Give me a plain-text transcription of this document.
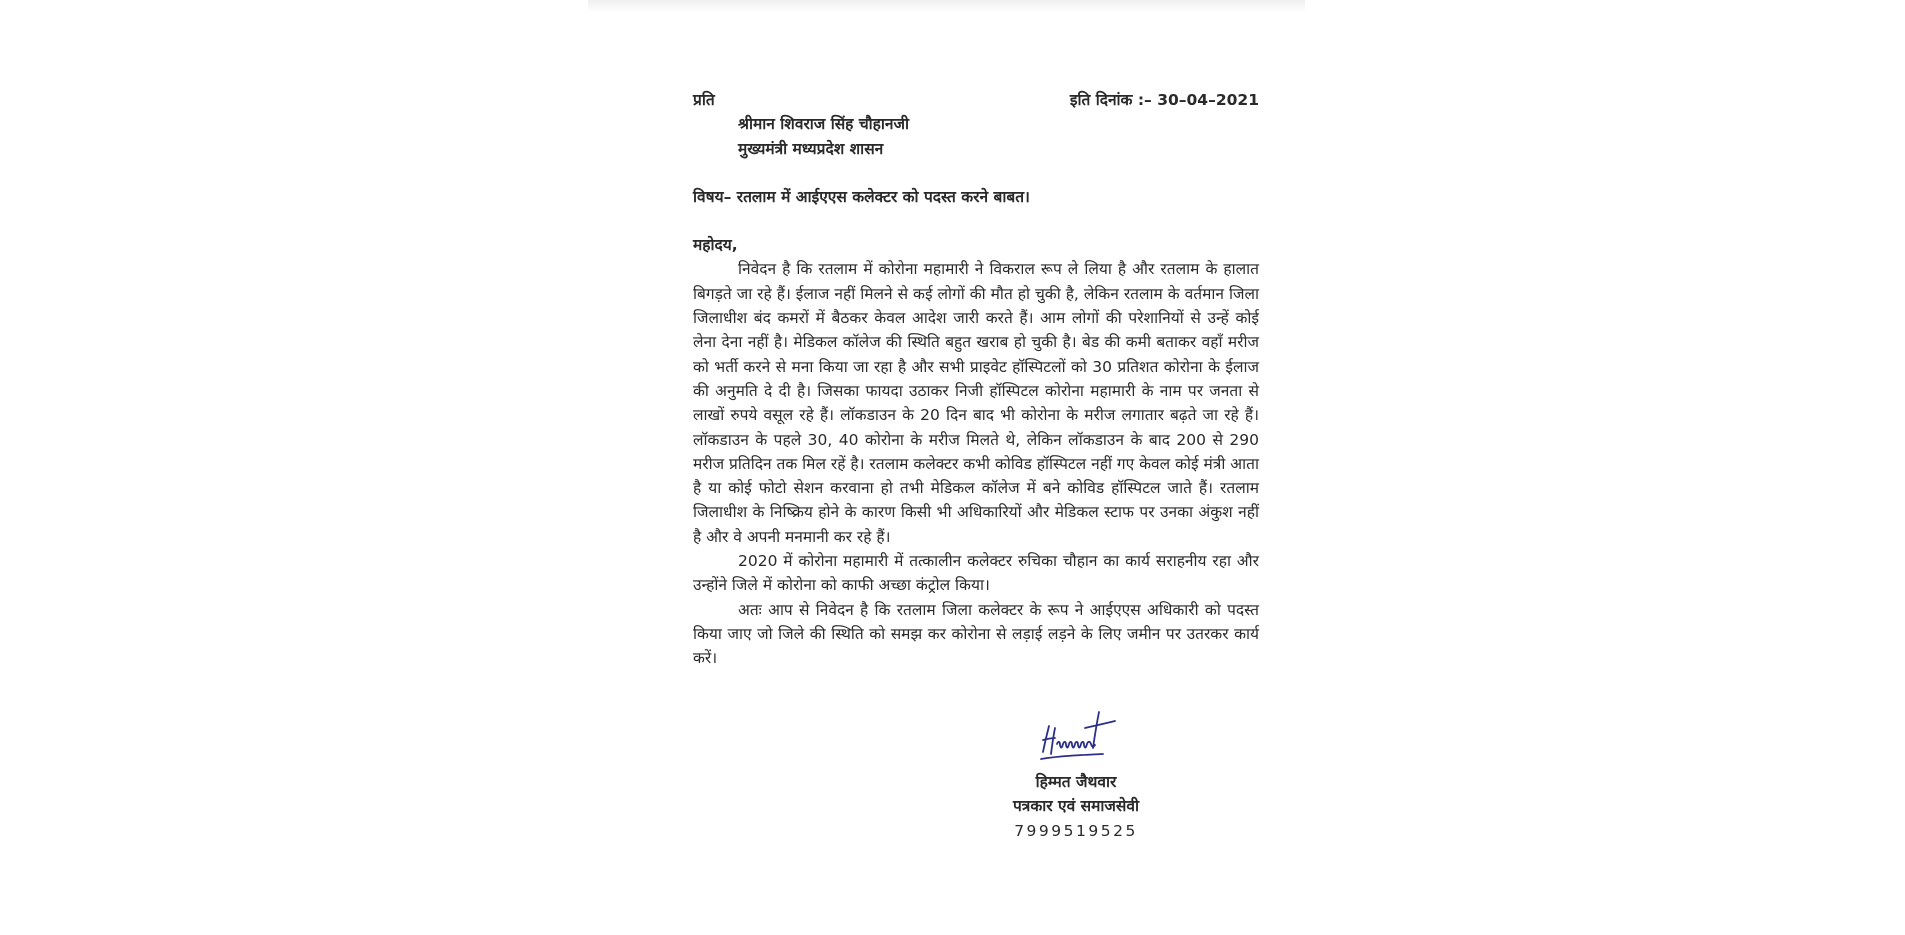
प्रति	इति दिनांक :– 30–04–2021
श्रीमान शिवराज सिंह चौहानजी
मुख्यमंत्री मध्यप्रदेश शासन
विषय– रतलाम में आईएएस कलेक्टर को पदस्त करने बाबत।
महोदय,

निवेदन है कि रतलाम में कोरोना महामारी ने विकराल रूप ले लिया है और रतलाम के हालात बिगड़ते जा रहे हैं। ईलाज नहीं मिलने से कई लोगों की मौत हो चुकी है, लेकिन रतलाम के वर्तमान जिला जिलाधीश बंद कमरों में बैठकर केवल आदेश जारी करते हैं। आम लोगों की परेशानियों से उन्हें कोई लेना देना नहीं है। मेडिकल कॉलेज की स्थिति बहुत खराब हो चुकी है। बेड की कमी बताकर वहाँ मरीज को भर्ती करने से मना किया जा रहा है और सभी प्राइवेट हॉस्पिटलों को 30 प्रतिशत कोरोना के ईलाज की अनुमति दे दी है। जिसका फायदा उठाकर निजी हॉस्पिटल कोरोना महामारी के नाम पर जनता से लाखों रुपये वसूल रहे हैं। लॉकडाउन के 20 दिन बाद भी कोरोना के मरीज लगातार बढ़ते जा रहे हैं। लॉकडाउन के पहले 30, 40 कोरोना के मरीज मिलते थे, लेकिन लॉकडाउन के बाद 200 से 290 मरीज प्रतिदिन तक मिल रहें है। रतलाम कलेक्टर कभी कोविड हॉस्पिटल नहीं गए केवल कोई मंत्री आता है या कोई फोटो सेशन करवाना हो तभी मेडिकल कॉलेज में बने कोविड हॉस्पिटल जाते हैं। रतलाम जिलाधीश के निष्क्रिय होने के कारण किसी भी अधिकारियों और मेडिकल स्टाफ पर उनका अंकुश नहीं है और वे अपनी मनमानी कर रहे हैं।

2020 में कोरोना महामारी में तत्कालीन कलेक्टर रुचिका चौहान का कार्य सराहनीय रहा और उन्होंने जिले में कोरोना को काफी अच्छा कंट्रोल किया।

अतः आप से निवेदन है कि रतलाम जिला कलेक्टर के रूप ने आईएएस अधिकारी को पदस्त किया जाए जो जिले की स्थिति को समझ कर कोरोना से लड़ाई लड़ने के लिए जमीन पर उतरकर कार्य करें।

हिम्मत जैथवार
पत्रकार एवं समाजसेवी
7999519525
